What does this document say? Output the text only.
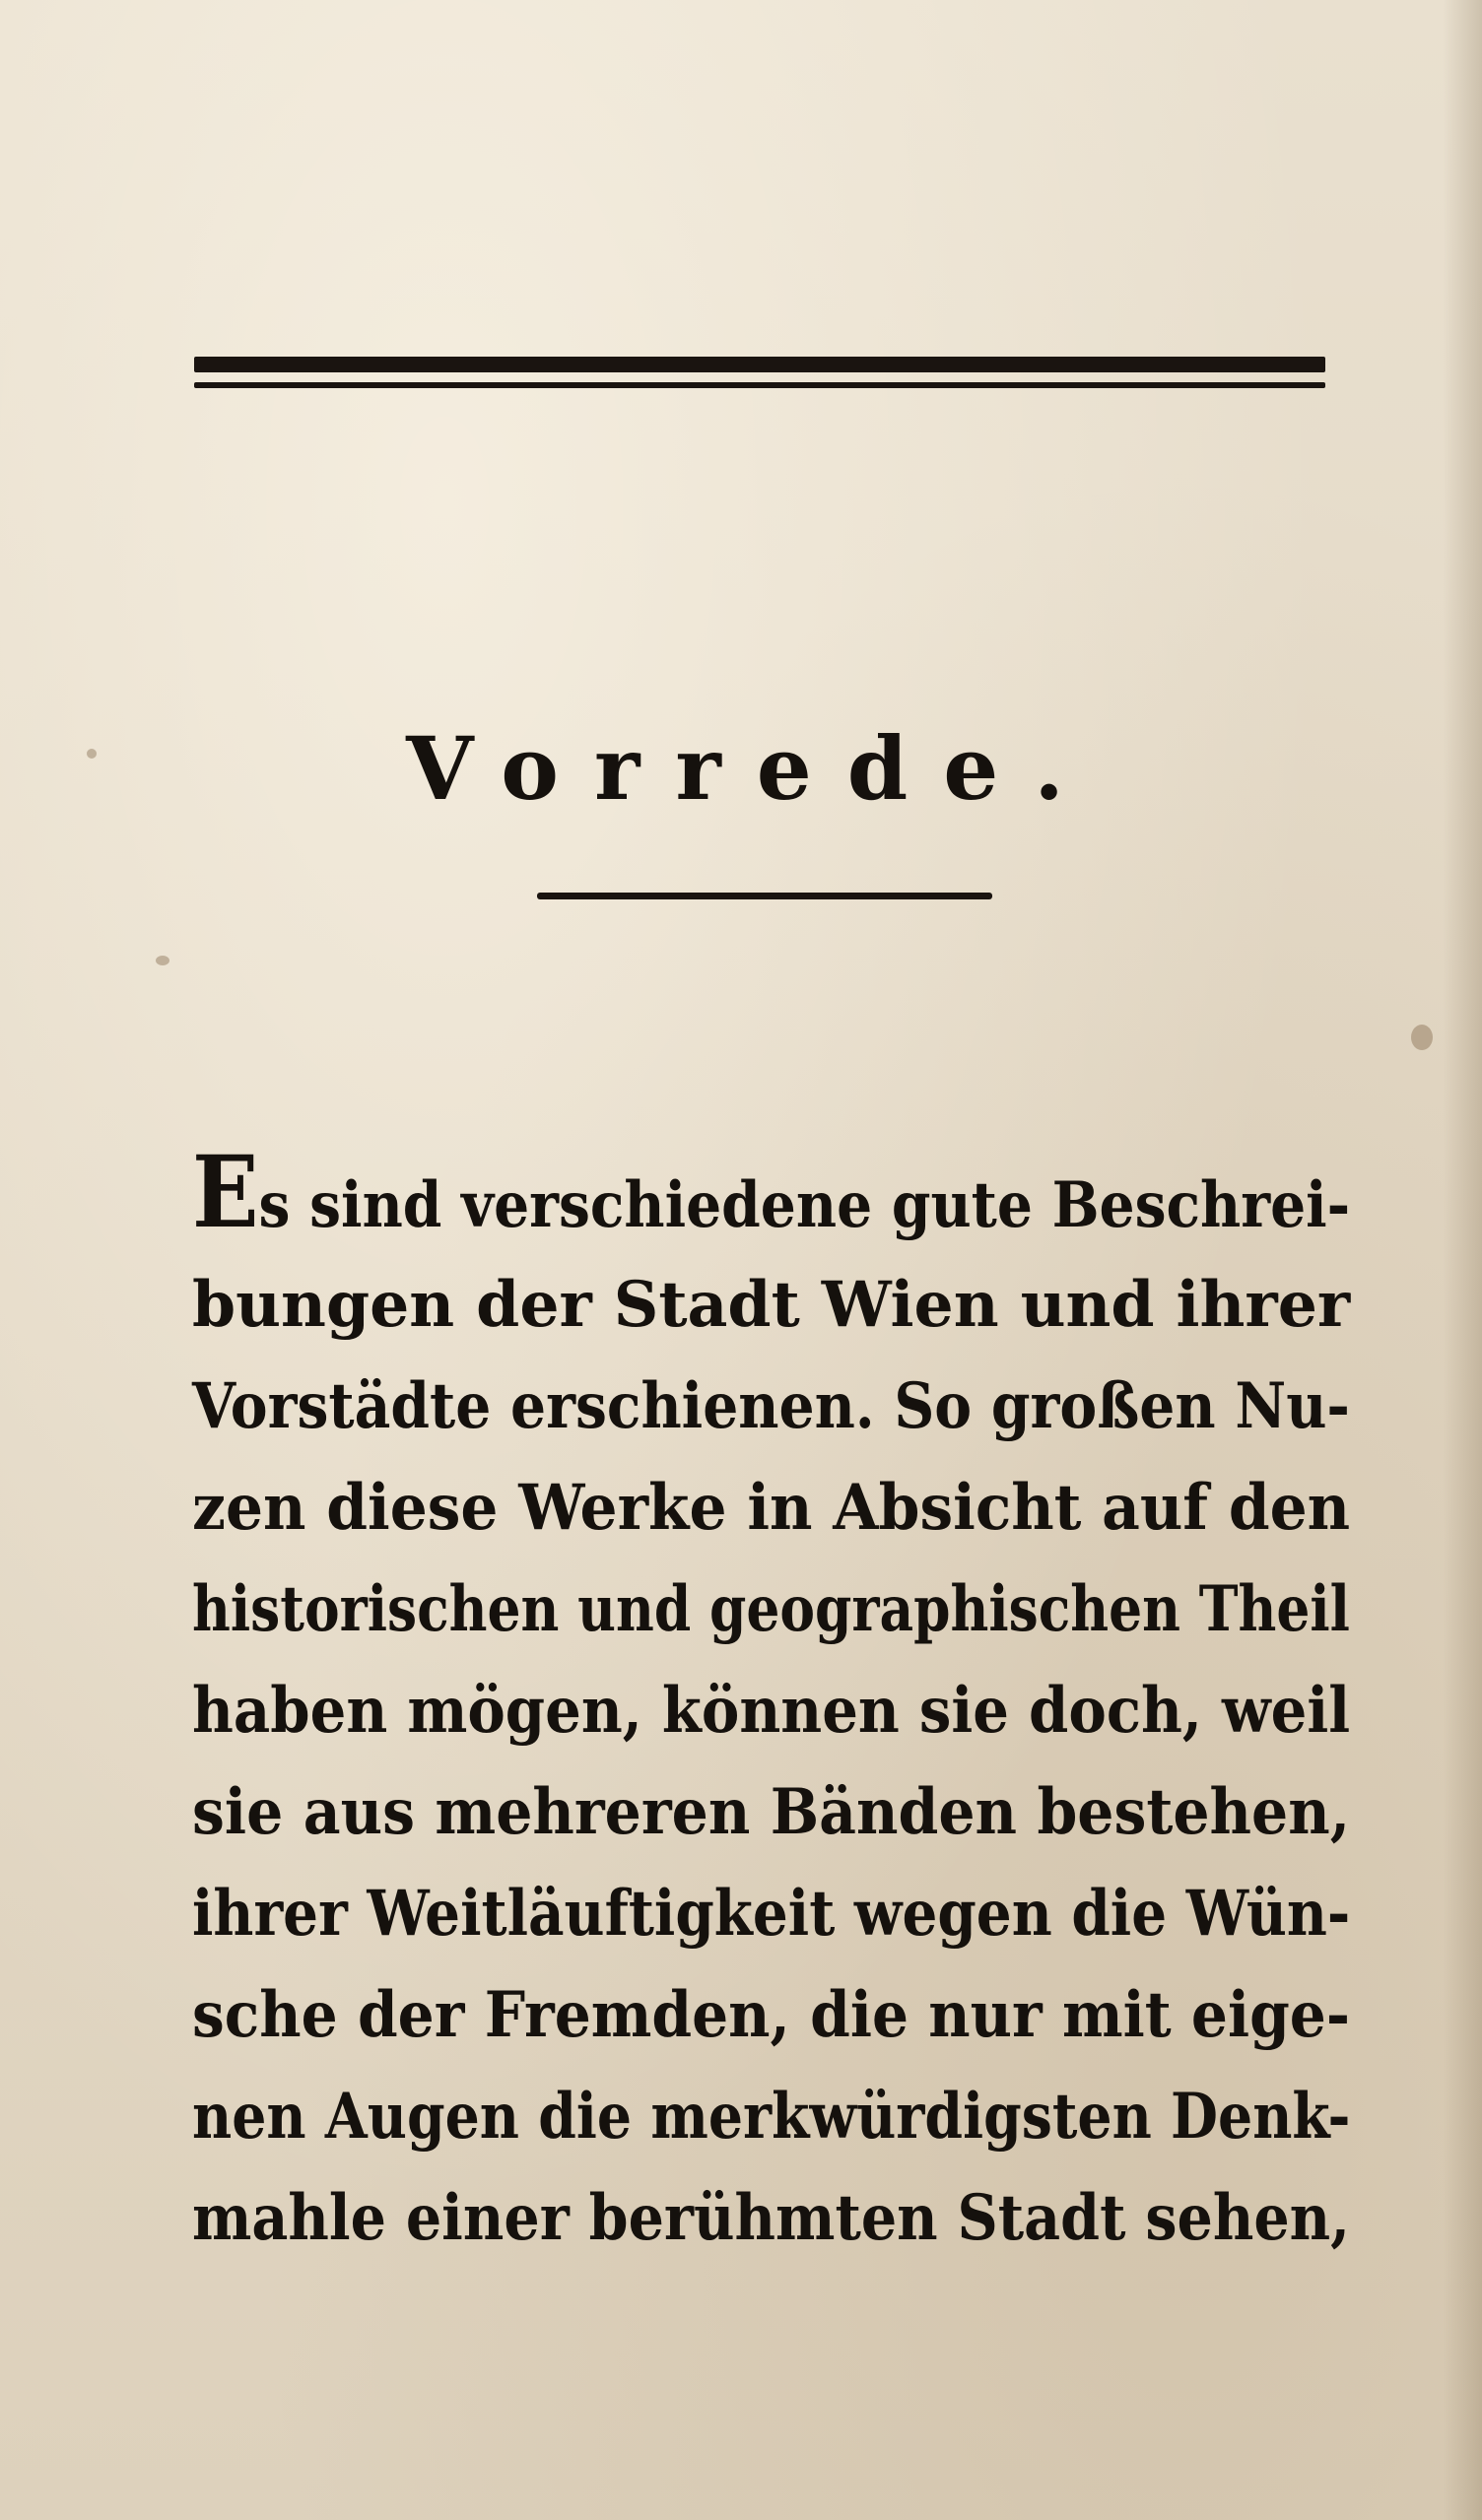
Vorrede.
Es sind verschiedene gute Beschrei-
bungen der Stadt Wien und ihrer
Vorstädte erschienen. So großen Nu-
zen diese Werke in Absicht auf den
historischen und geographischen Theil
haben mögen, können sie doch, weil
sie aus mehreren Bänden bestehen,
ihrer Weitläuftigkeit wegen die Wün-
sche der Fremden, die nur mit eige-
nen Augen die merkwürdigsten Denk-
mahle einer berühmten Stadt sehen,
